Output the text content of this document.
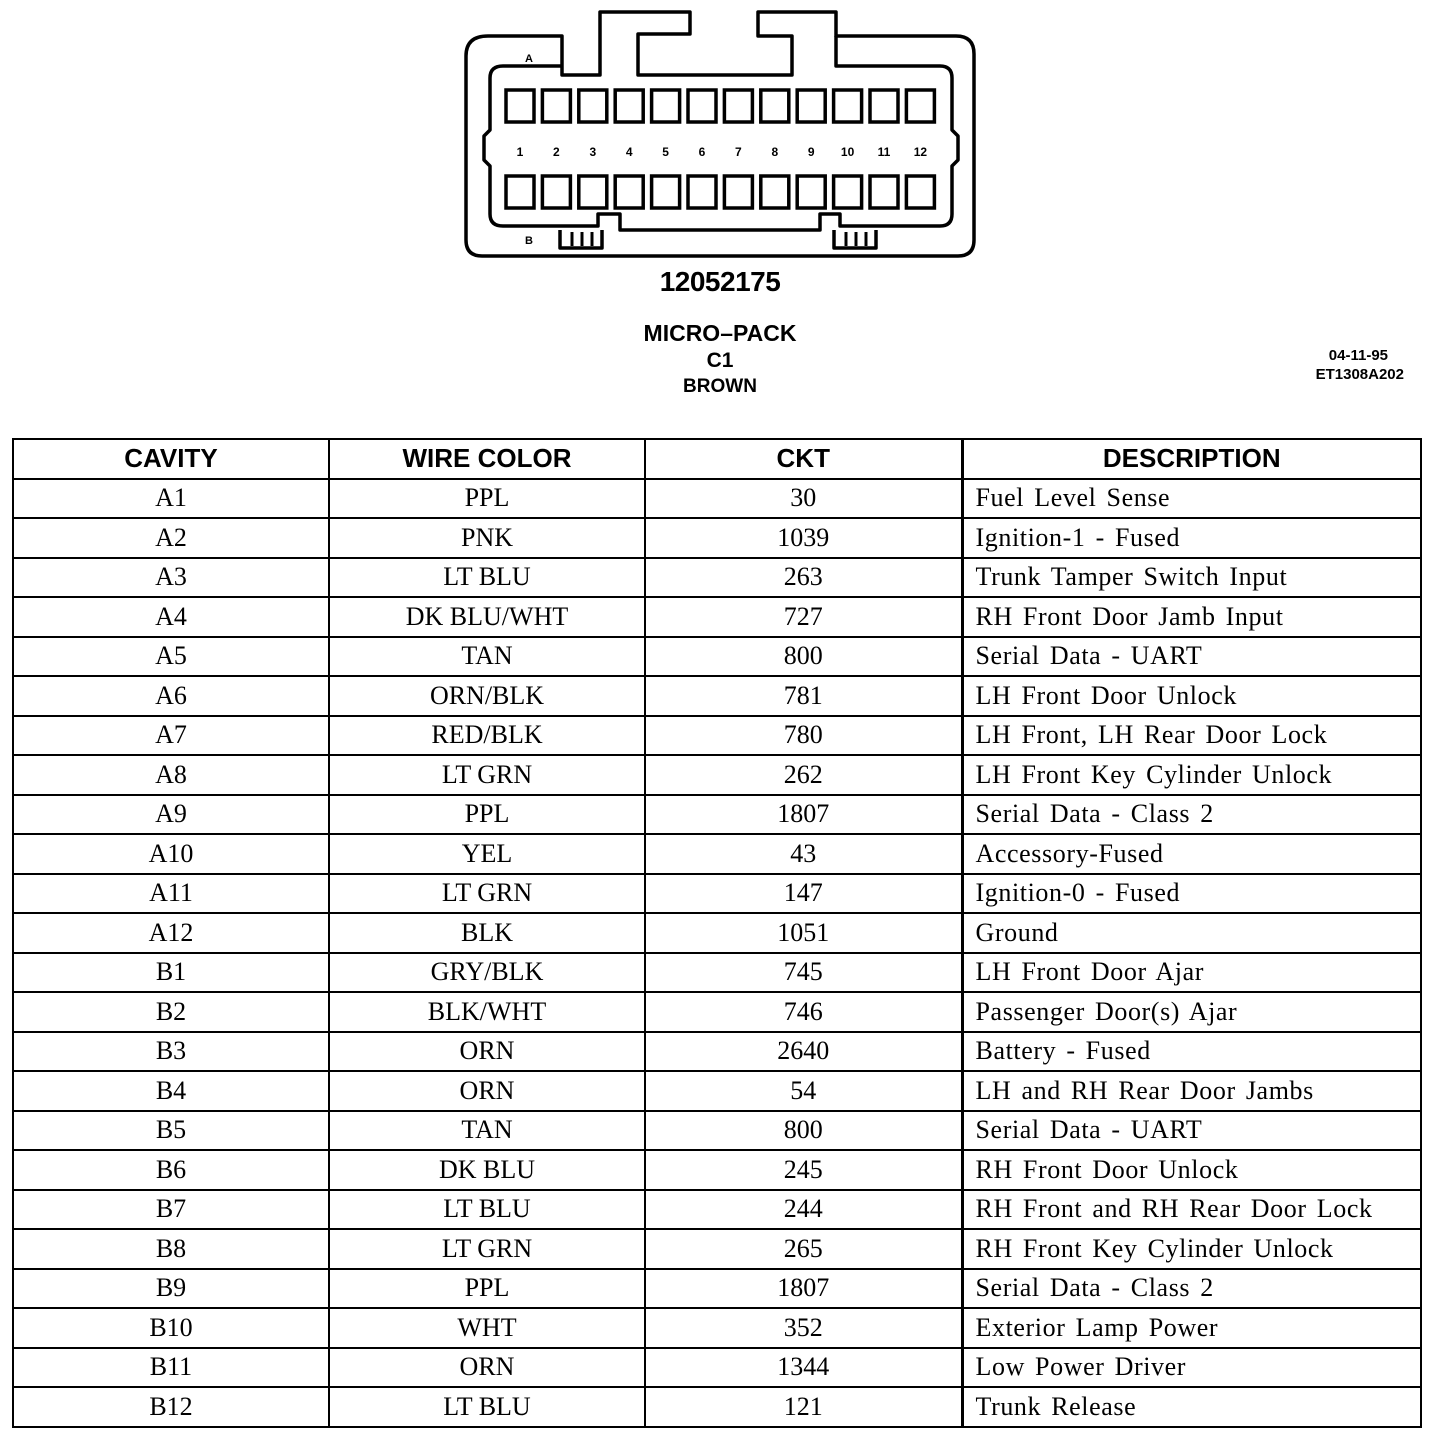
1 2 3 4 5 6 7 8 9 10 11 12
A
B
12052175
MICRO–PACK
C1
BROWN
04-11-95
ET1308A202
CAVITY	WIRE COLOR	CKT	DESCRIPTION
A1	PPL	30	Fuel Level Sense
A2	PNK	1039	Ignition-1 - Fused
A3	LT BLU	263	Trunk Tamper Switch Input
A4	DK BLU/WHT	727	RH Front Door Jamb Input
A5	TAN	800	Serial Data - UART
A6	ORN/BLK	781	LH Front Door Unlock
A7	RED/BLK	780	LH Front, LH Rear Door Lock
A8	LT GRN	262	LH Front Key Cylinder Unlock
A9	PPL	1807	Serial Data - Class 2
A10	YEL	43	Accessory-Fused
A11	LT GRN	147	Ignition-0 - Fused
A12	BLK	1051	Ground
B1	GRY/BLK	745	LH Front Door Ajar
B2	BLK/WHT	746	Passenger Door(s) Ajar
B3	ORN	2640	Battery - Fused
B4	ORN	54	LH and RH Rear Door Jambs
B5	TAN	800	Serial Data - UART
B6	DK BLU	245	RH Front Door Unlock
B7	LT BLU	244	RH Front and RH Rear Door Lock
B8	LT GRN	265	RH Front Key Cylinder Unlock
B9	PPL	1807	Serial Data - Class 2
B10	WHT	352	Exterior Lamp Power
B11	ORN	1344	Low Power Driver
B12	LT BLU	121	Trunk Release
